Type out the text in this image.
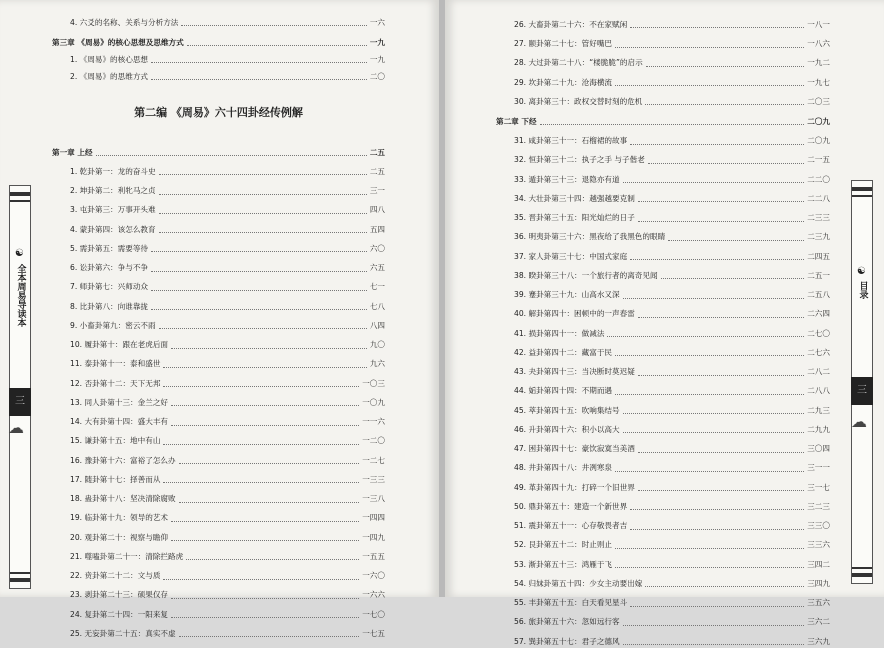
4. 六爻的名称、关系与分析方法	一六
第三章 《周易》的核心思想及思维方式	一九
1. 《周易》的核心思想	一九
2. 《周易》的思维方式	二〇
第二编 《周易》六十四卦经传例解
第一章 上经	二五
1. 乾卦第一：龙的奋斗史	二五
2. 坤卦第二：利牝马之贞	三一
3. 屯卦第三：万事开头难	四八
4. 蒙卦第四：该怎么教育	五四
5. 需卦第五：需要等待	六〇
6. 讼卦第六：争与不争	六五
7. 师卦第七：兴师动众	七一
8. 比卦第八：向谁靠拢	七八
9. 小畜卦第九：密云不雨	八四
10. 履卦第十：跟在老虎后面	九〇
11. 泰卦第十一：泰和盛世	九六
12. 否卦第十二：天下无邦	一〇三
13. 同人卦第十三：金兰之好	一〇九
14. 大有卦第十四：盛大丰有	一一六
15. 谦卦第十五：地中有山	一二〇
16. 豫卦第十六：富裕了怎么办	一二七
17. 随卦第十七：择善而从	一三三
18. 蛊卦第十八：坚决清除腐败	一三八
19. 临卦第十九：领导的艺术	一四四
20. 观卦第二十：视察与瞻仰	一四九
21. 噬嗑卦第二十一：清除拦路虎	一五五
22. 贲卦第二十二：文与质	一六〇
23. 剥卦第二十三：硕果仅存	一六六
24. 复卦第二十四：一阳来复	一七〇
25. 无妄卦第二十五：真实不虚	一七五
26. 大畜卦第二十六：不在家赋闲	一八一
27. 颐卦第二十七：管好嘴巴	一八六
28. 大过卦第二十八：“楼脆脆”的启示	一九二
29. 坎卦第二十九：沧海横流	一九七
30. 离卦第三十：政权交替时刻的危机	二〇三
第二章 下经	二〇九
31. 咸卦第三十一：石榴裙的故事	二〇九
32. 恒卦第三十二：执子之手 与子偕老	二一五
33. 遁卦第三十三：退隐亦有道	二二〇
34. 大壮卦第三十四：越强越要克制	二二八
35. 晋卦第三十五：阳光灿烂的日子	二三三
36. 明夷卦第三十六：黑夜给了我黑色的眼睛	二三九
37. 家人卦第三十七：中国式家庭	二四五
38. 睽卦第三十八：一个旅行者的离奇见闻	二五一
39. 蹇卦第三十九：山高水又深	二五八
40. 解卦第四十：困顿中的一声春雷	二六四
41. 损卦第四十一：做减法	二七〇
42. 益卦第四十二：藏富于民	二七六
43. 夬卦第四十三：当决断时莫迟疑	二八二
44. 姤卦第四十四：不期而遇	二八八
45. 萃卦第四十五：吹响集结号	二九三
46. 升卦第四十六：积小以高大	二九九
47. 困卦第四十七：豪饮寂寞当美酒	三〇四
48. 井卦第四十八：井冽寒泉	三一一
49. 革卦第四十九：打碎一个旧世界	三一七
50. 鼎卦第五十：建造一个新世界	三二三
51. 震卦第五十一：心存敬畏者吉	三三〇
52. 艮卦第五十二：时止则止	三三六
53. 渐卦第五十三：鸿雁于飞	三四二
54. 归妹卦第五十四：少女主动要出嫁	三四九
55. 丰卦第五十五：白天看见星斗	三五六
56. 旅卦第五十六：忽如远行客	三六二
57. 巽卦第五十七：君子之德风	三六九
☯
全本周易导读本
三
☁
☯
目录
三
☁
